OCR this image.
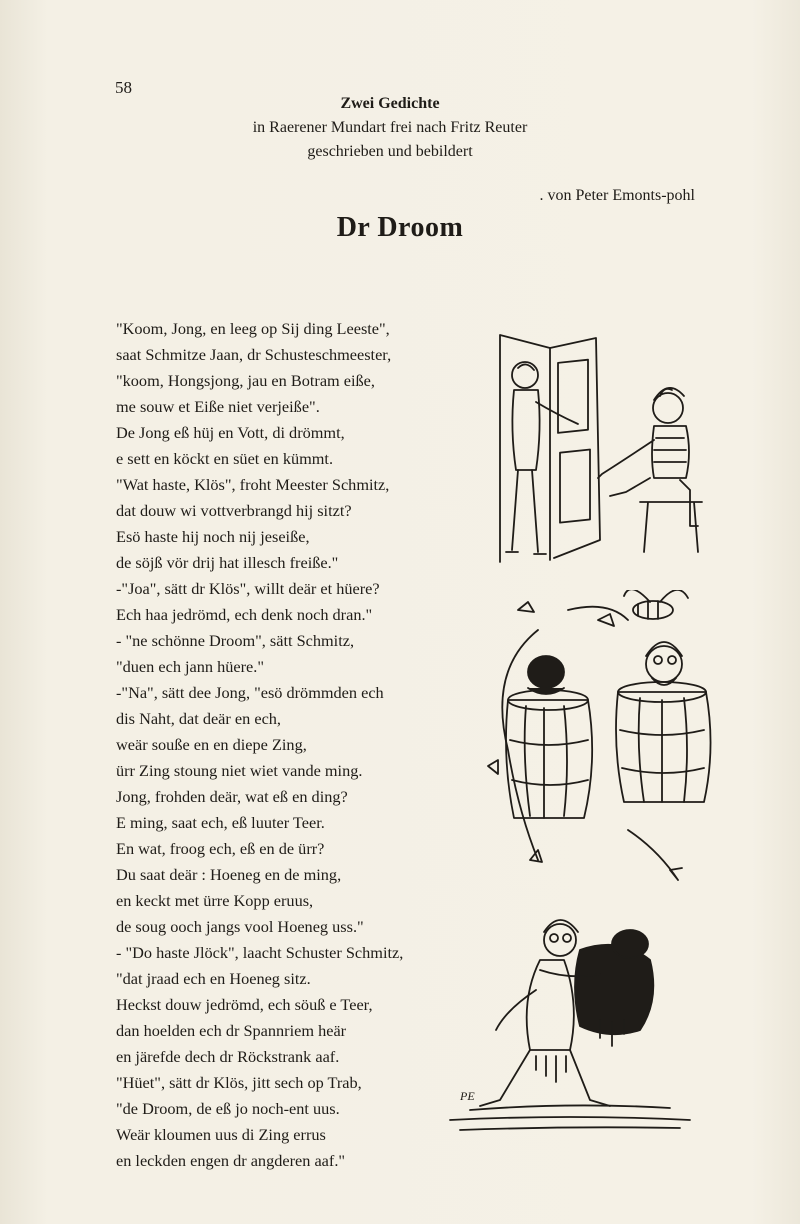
58
Zwei Gedichte
in Raerener Mundart frei nach Fritz Reuter
geschrieben und bebildert
. von Peter Emonts-pohl
Dr Droom
"Koom, Jong, en leeg op Sij ding Leeste",
saat Schmitze Jaan, dr Schusteschmeester,
"koom, Hongsjong, jau en Botram eiße,
me souw et Eiße niet verjeiße".
De Jong eß hüj en Vott, di drömmt,
e sett en köckt en süet en kümmt.
"Wat haste, Klös", froht Meester Schmitz,
dat douw wi vottverbrangd hij sitzt?
Esö haste hij noch nij jeseiße,
de söjß vör drij hat illesch freiße."
-"Joa", sätt dr Klös", willt deär et hüere?
Ech haa jedrömd, ech denk noch dran."
- "ne schönne Droom", sätt Schmitz,
"duen ech jann hüere."
-"Na", sätt dee Jong, "esö drömmden ech
dis Naht, dat deär en ech,
weär souße en en diepe Zing,
ürr Zing stoung niet wiet vande ming.
Jong, frohden deär, wat eß en ding?
E ming, saat ech, eß luuter Teer.
En wat, froog ech, eß en de ürr?
Du saat deär : Hoeneg en de ming,
en keckt met ürre Kopp eruus,
de soug ooch jangs vool Hoeneg uss."
- "Do haste Jlöck", laacht Schuster Schmitz,
"dat jraad ech en Hoeneg sitz.
Heckst douw jedrömd, ech söuß e Teer,
dan hoelden ech dr Spannriem heär
en järefde dech dr Röckstrank aaf.
"Hüet", sätt dr Klös, jitt sech op Trab,
"de Droom, de eß jo noch-ent uus.
Weär kloumen uus di Zing errus
en leckden engen dr angderen aaf."
PE
